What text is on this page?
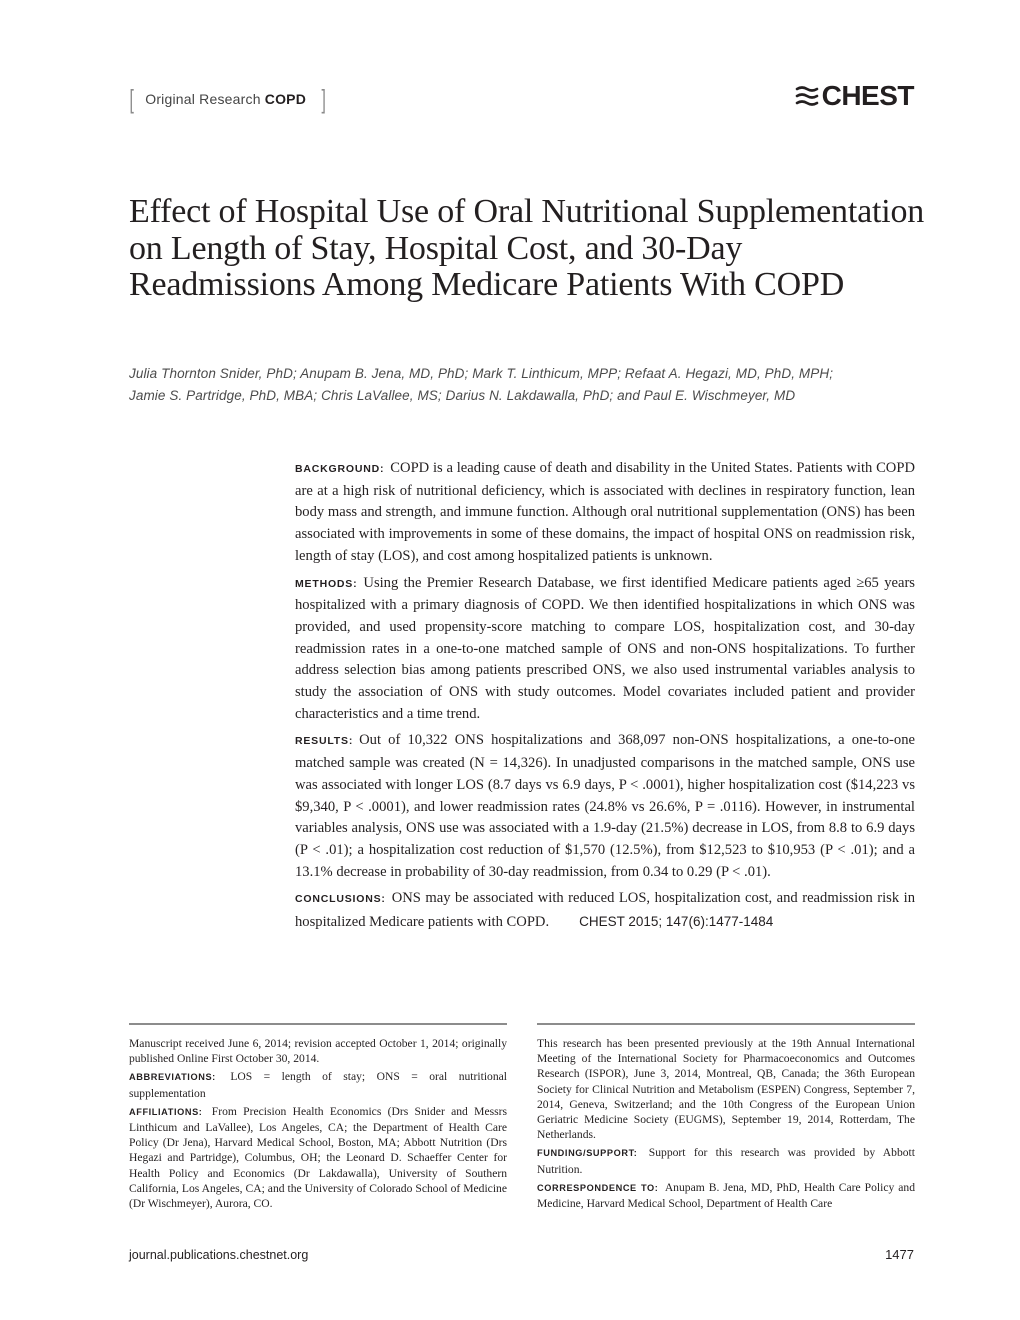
[ Original Research COPD ]	CHEST
Effect of Hospital Use of Oral Nutritional Supplementation on Length of Stay, Hospital Cost, and 30-Day Readmissions Among Medicare Patients With COPD
Julia Thornton Snider, PhD; Anupam B. Jena, MD, PhD; Mark T. Linthicum, MPP; Refaat A. Hegazi, MD, PhD, MPH;
Jamie S. Partridge, PhD, MBA; Chris LaVallee, MS; Darius N. Lakdawalla, PhD; and Paul E. Wischmeyer, MD

BACKGROUND: COPD is a leading cause of death and disability in the United States. Patients with COPD are at a high risk of nutritional deficiency, which is associated with declines in respiratory function, lean body mass and strength, and immune function. Although oral nutritional supplementation (ONS) has been associated with improvements in some of these domains, the impact of hospital ONS on readmission risk, length of stay (LOS), and cost among hospitalized patients is unknown.

METHODS: Using the Premier Research Database, we first identified Medicare patients aged ≥65 years hospitalized with a primary diagnosis of COPD. We then identified hospitalizations in which ONS was provided, and used propensity-score matching to compare LOS, hospitalization cost, and 30-day readmission rates in a one-to-one matched sample of ONS and non-ONS hospitalizations. To further address selection bias among patients prescribed ONS, we also used instrumental variables analysis to study the association of ONS with study outcomes. Model covariates included patient and provider characteristics and a time trend.

RESULTS: Out of 10,322 ONS hospitalizations and 368,097 non-ONS hospitalizations, a one-to-one matched sample was created (N = 14,326). In unadjusted comparisons in the matched sample, ONS use was associated with longer LOS (8.7 days vs 6.9 days, P < .0001), higher hospitalization cost ($14,223 vs $9,340, P < .0001), and lower readmission rates (24.8% vs 26.6%, P = .0116). However, in instrumental variables analysis, ONS use was associated with a 1.9-day (21.5%) decrease in LOS, from 8.8 to 6.9 days (P < .01); a hospitalization cost reduction of $1,570 (12.5%), from $12,523 to $10,953 (P < .01); and a 13.1% decrease in probability of 30-day readmission, from 0.34 to 0.29 (P < .01).

CONCLUSIONS: ONS may be associated with reduced LOS, hospitalization cost, and readmission risk in hospitalized Medicare patients with COPD. CHEST 2015; 147(6):1477-1484

Manuscript received June 6, 2014; revision accepted October 1, 2014; originally published Online First October 30, 2014.

ABBREVIATIONS: LOS = length of stay; ONS = oral nutritional supplementation

AFFILIATIONS: From Precision Health Economics (Drs Snider and Messrs Linthicum and LaVallee), Los Angeles, CA; the Department of Health Care Policy (Dr Jena), Harvard Medical School, Boston, MA; Abbott Nutrition (Drs Hegazi and Partridge), Columbus, OH; the Leonard D. Schaeffer Center for Health Policy and Economics (Dr Lakdawalla), University of Southern California, Los Angeles, CA; and the University of Colorado School of Medicine (Dr Wischmeyer), Aurora, CO.

This research has been presented previously at the 19th Annual International Meeting of the International Society for Pharmacoeconomics and Outcomes Research (ISPOR), June 3, 2014, Montreal, QB, Canada; the 36th European Society for Clinical Nutrition and Metabolism (ESPEN) Congress, September 7, 2014, Geneva, Switzerland; and the 10th Congress of the European Union Geriatric Medicine Society (EUGMS), September 19, 2014, Rotterdam, The Netherlands.

FUNDING/SUPPORT: Support for this research was provided by Abbott Nutrition.

CORRESPONDENCE TO: Anupam B. Jena, MD, PhD, Health Care Policy and Medicine, Harvard Medical School, Department of Health Care

journal.publications.chestnet.org	1477
